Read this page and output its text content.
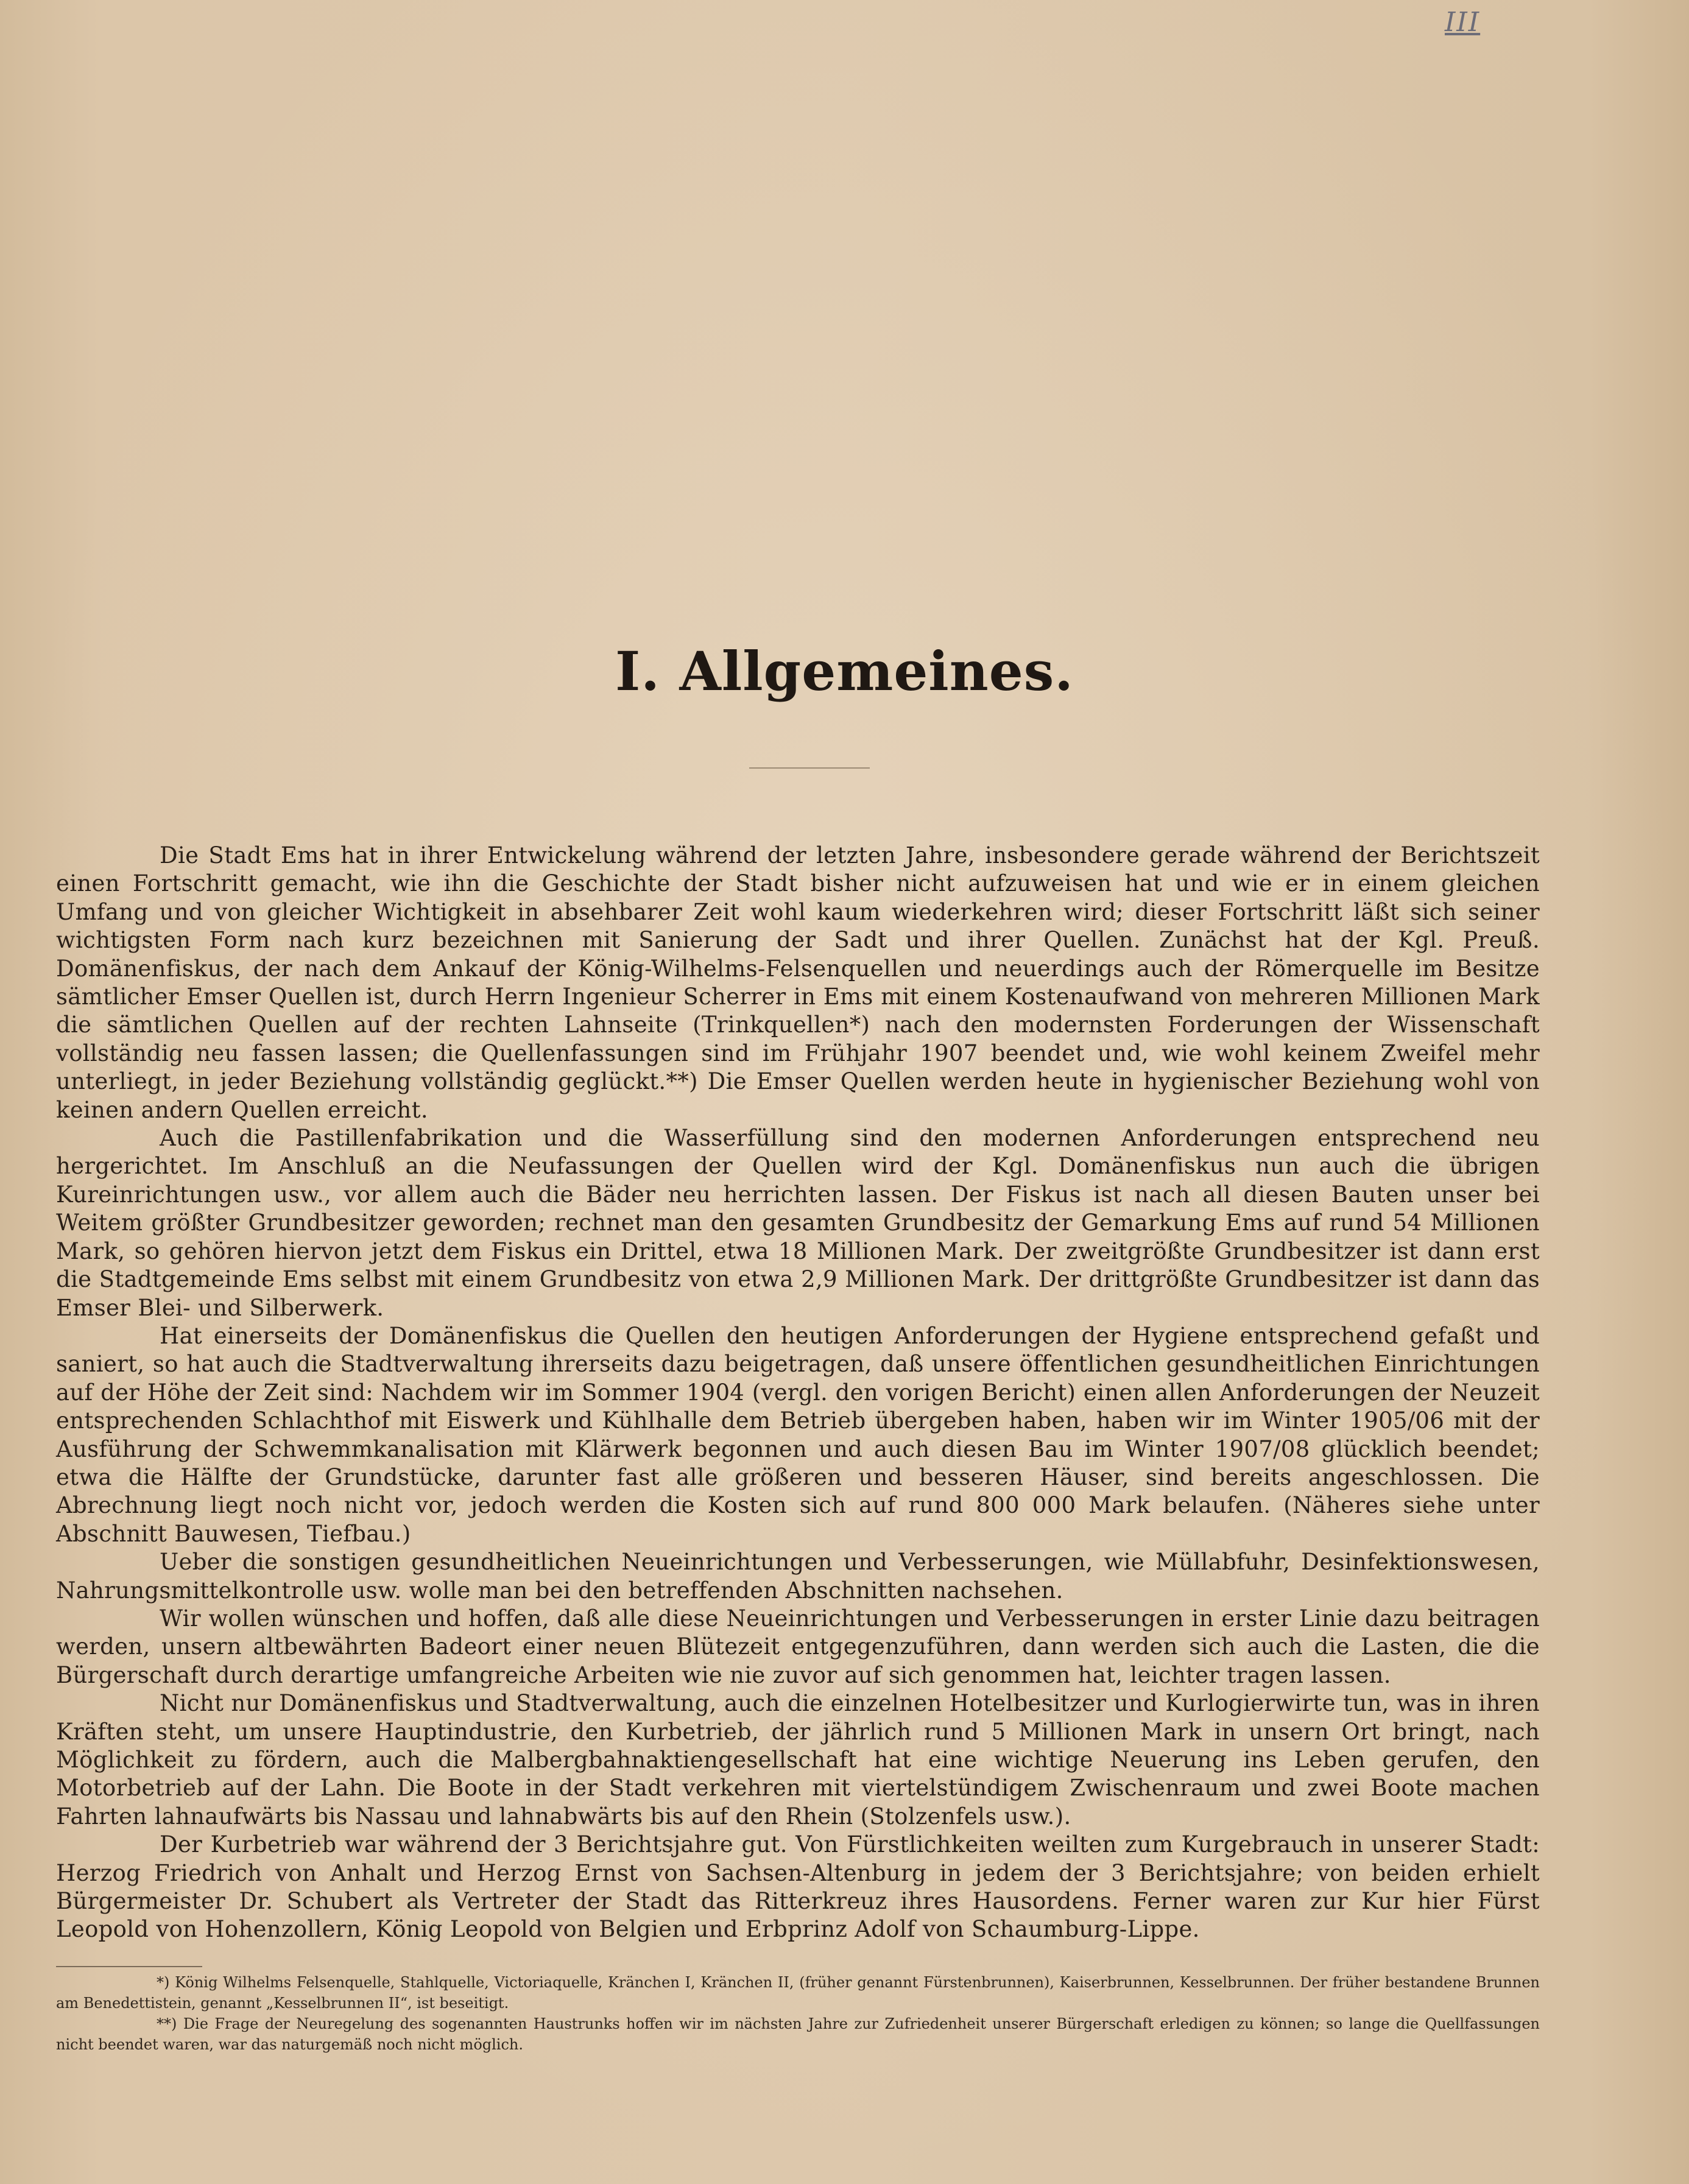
III
I. Allgemeines.

Die Stadt Ems hat in ihrer Entwickelung während der letzten Jahre, insbesondere gerade während der Berichtszeit einen Fortschritt gemacht, wie ihn die Geschichte der Stadt bisher nicht aufzuweisen hat und wie er in einem gleichen Umfang und von gleicher Wichtigkeit in absehbarer Zeit wohl kaum wiederkehren wird; dieser Fortschritt läßt sich seiner wichtigsten Form nach kurz bezeichnen mit Sanierung der Sadt und ihrer Quellen. Zunächst hat der Kgl. Preuß. Domänenfiskus, der nach dem Ankauf der König-Wilhelms-Felsenquellen und neuerdings auch der Römerquelle im Besitze sämtlicher Emser Quellen ist, durch Herrn Ingenieur Scherrer in Ems mit einem Kostenaufwand von mehreren Millionen Mark die sämtlichen Quellen auf der rechten Lahnseite (Trinkquellen*) nach den modernsten Forderungen der Wissenschaft vollständig neu fassen lassen; die Quellenfassungen sind im Frühjahr 1907 beendet und, wie wohl keinem Zweifel mehr unterliegt, in jeder Beziehung vollständig geglückt.**) Die Emser Quellen werden heute in hygienischer Beziehung wohl von keinen andern Quellen erreicht.

Auch die Pastillenfabrikation und die Wasserfüllung sind den modernen Anforderungen entsprechend neu hergerichtet. Im Anschluß an die Neufassungen der Quellen wird der Kgl. Domänenfiskus nun auch die übrigen Kureinrichtungen usw., vor allem auch die Bäder neu herrichten lassen. Der Fiskus ist nach all diesen Bauten unser bei Weitem größter Grundbesitzer geworden; rechnet man den gesamten Grundbesitz der Gemarkung Ems auf rund 54 Millionen Mark, so gehören hiervon jetzt dem Fiskus ein Drittel, etwa 18 Millionen Mark. Der zweitgrößte Grundbesitzer ist dann erst die Stadtgemeinde Ems selbst mit einem Grundbesitz von etwa 2,9 Millionen Mark. Der drittgrößte Grundbesitzer ist dann das Emser Blei- und Silberwerk.

Hat einerseits der Domänenfiskus die Quellen den heutigen Anforderungen der Hygiene entsprechend gefaßt und saniert, so hat auch die Stadtverwaltung ihrerseits dazu beigetragen, daß unsere öffentlichen gesundheitlichen Einrichtungen auf der Höhe der Zeit sind: Nachdem wir im Sommer 1904 (vergl. den vorigen Bericht) einen allen Anforderungen der Neuzeit entsprechenden Schlachthof mit Eiswerk und Kühlhalle dem Betrieb übergeben haben, haben wir im Winter 1905/06 mit der Ausführung der Schwemmkanalisation mit Klärwerk begonnen und auch diesen Bau im Winter 1907/08 glücklich beendet; etwa die Hälfte der Grundstücke, darunter fast alle größeren und besseren Häuser, sind bereits angeschlossen. Die Abrechnung liegt noch nicht vor, jedoch werden die Kosten sich auf rund 800 000 Mark belaufen. (Näheres siehe unter Abschnitt Bauwesen, Tiefbau.)

Ueber die sonstigen gesundheitlichen Neueinrichtungen und Verbesserungen, wie Müllabfuhr, Desinfektionswesen, Nahrungsmittelkontrolle usw. wolle man bei den betreffenden Abschnitten nachsehen.

Wir wollen wünschen und hoffen, daß alle diese Neueinrichtungen und Verbesserungen in erster Linie dazu beitragen werden, unsern altbewährten Badeort einer neuen Blütezeit entgegenzuführen, dann werden sich auch die Lasten, die die Bürgerschaft durch derartige umfangreiche Arbeiten wie nie zuvor auf sich genommen hat, leichter tragen lassen.

Nicht nur Domänenfiskus und Stadtverwaltung, auch die einzelnen Hotelbesitzer und Kurlogierwirte tun, was in ihren Kräften steht, um unsere Hauptindustrie, den Kurbetrieb, der jährlich rund 5 Millionen Mark in unsern Ort bringt, nach Möglichkeit zu fördern, auch die Malbergbahnaktiengesellschaft hat eine wichtige Neuerung ins Leben gerufen, den Motorbetrieb auf der Lahn. Die Boote in der Stadt verkehren mit viertelstündigem Zwischenraum und zwei Boote machen Fahrten lahnaufwärts bis Nassau und lahnabwärts bis auf den Rhein (Stolzenfels usw.).

Der Kurbetrieb war während der 3 Berichtsjahre gut. Von Fürstlichkeiten weilten zum Kurgebrauch in unserer Stadt: Herzog Friedrich von Anhalt und Herzog Ernst von Sachsen-Altenburg in jedem der 3 Berichtsjahre; von beiden erhielt Bürgermeister Dr. Schubert als Vertreter der Stadt das Ritterkreuz ihres Hausordens. Ferner waren zur Kur hier Fürst Leopold von Hohenzollern, König Leopold von Belgien und Erbprinz Adolf von Schaumburg-Lippe.

*) König Wilhelms Felsenquelle, Stahlquelle, Victoriaquelle, Kränchen I, Kränchen II, (früher genannt Fürstenbrunnen), Kaiserbrunnen, Kesselbrunnen. Der früher bestandene Brunnen am Benedettistein, genannt „Kesselbrunnen II“, ist beseitigt.

**) Die Frage der Neuregelung des sogenannten Haustrunks hoffen wir im nächsten Jahre zur Zufriedenheit unserer Bürgerschaft erledigen zu können; so lange die Quellfassungen nicht beendet waren, war das naturgemäß noch nicht möglich.
